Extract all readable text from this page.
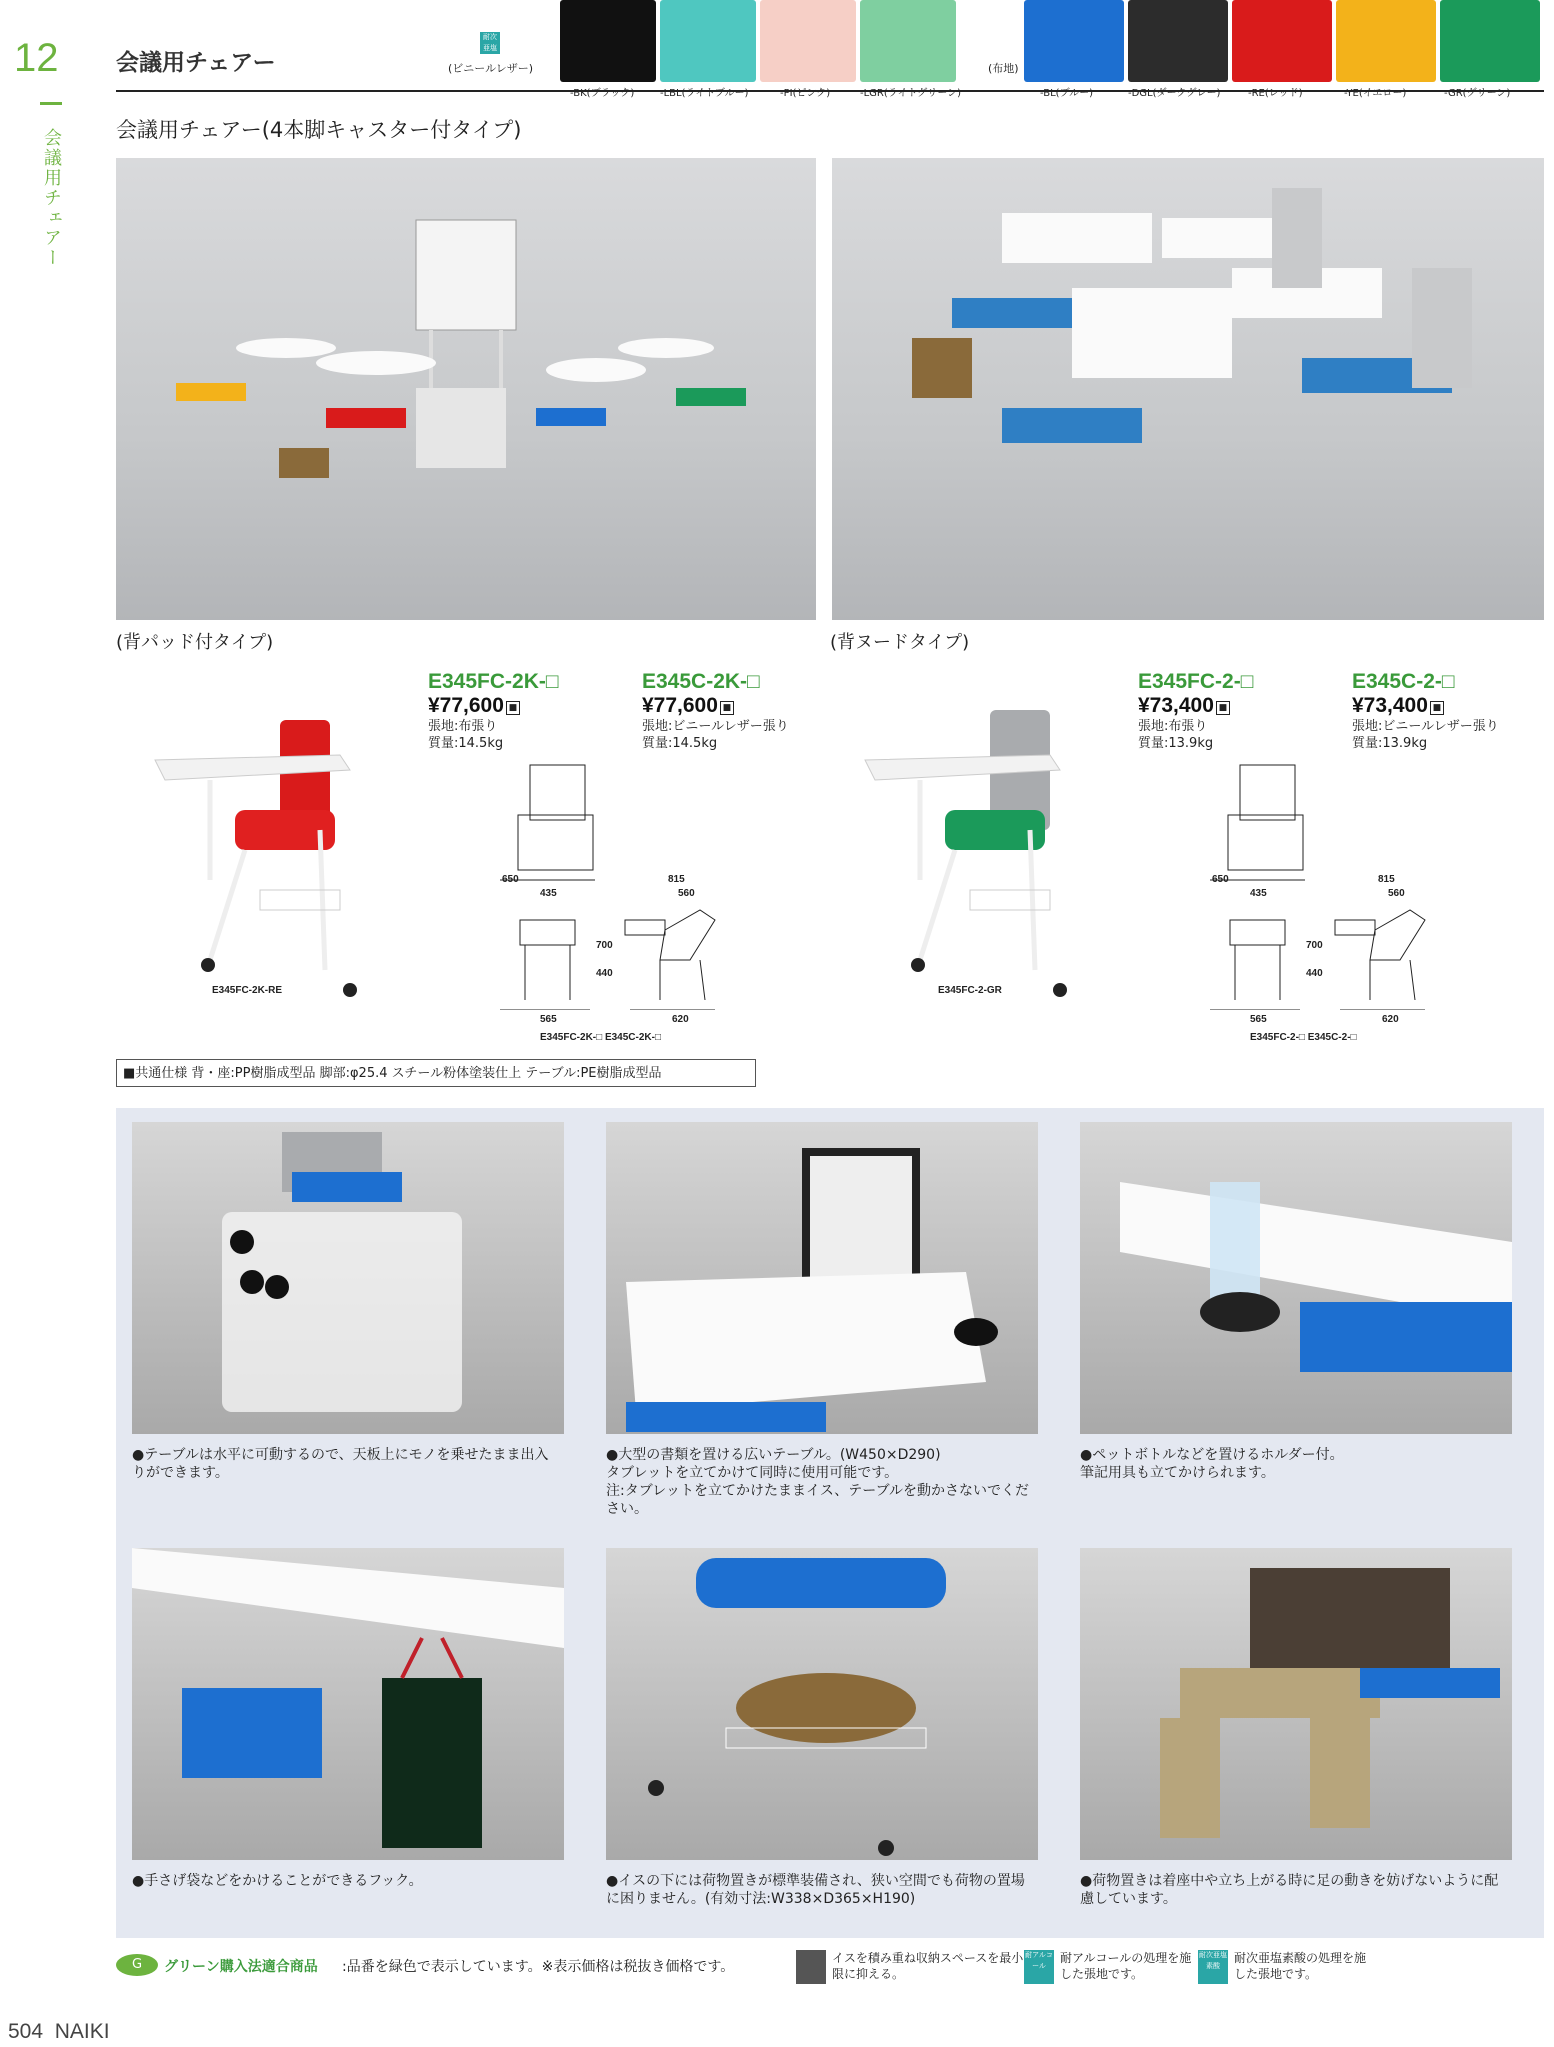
12
会議用チェアー
会議用チェアー
会議用チェアー(4本脚キャスター付タイプ)
耐次亜塩素酸
(ビニールレザー)	(布地)
-BK(ブラック)	-LBL(ライトブルー)	-PI(ピンク)	-LGR(ライトグリーン)	-BL(ブルー)	-DGL(ダークグレー)	-RE(レッド)	-YE(イエロー)	-GR(グリーン)
(背パッド付タイプ)	(背ヌードタイプ)
E345FC-2K-RE
E345FC-2K-□
¥77,600 ■
張地:布張り
質量:14.5kg
E345C-2K-□
¥77,600 ■
張地:ビニールレザー張り
質量:14.5kg
650
435
815
560
700
440
565	620
E345FC-2K-□ E345C-2K-□
E345FC-2-GR
E345FC-2-□
¥73,400 ■
張地:布張り
質量:13.9kg
E345C-2-□
¥73,400 ■
張地:ビニールレザー張り
質量:13.9kg
650
435
815
560
700
440
565	620
E345FC-2-□ E345C-2-□
■共通仕様 背・座:PP樹脂成型品 脚部:φ25.4 スチール粉体塗装仕上 テーブル:PE樹脂成型品
●テーブルは水平に可動するので、天板上にモノを乗せたまま出入りができます。
●大型の書類を置ける広いテーブル。(W450×D290)
タブレットを立てかけて同時に使用可能です。
注:タブレットを立てかけたままイス、テーブルを動かさないでください。
●ペットボトルなどを置けるホルダー付。
筆記用具も立てかけられます。
●手さげ袋などをかけることができるフック。	●イスの下には荷物置きが標準装備され、狭い空間でも荷物の置場に困りません。(有効寸法:W338×D365×H190)
●荷物置きは着座中や立ち上がる時に足の動きを妨げないように配慮しています。
G	グリーン購入法適合商品 :品番を緑色で表示しています。※表示価格は税抜き価格です。
イスを積み重ね収納スペースを最小限に抑える。
耐アルコール
耐アルコールの処理を施した張地です。
耐次亜塩素酸
耐次亜塩素酸の処理を施した張地です。
504 NAIKI
